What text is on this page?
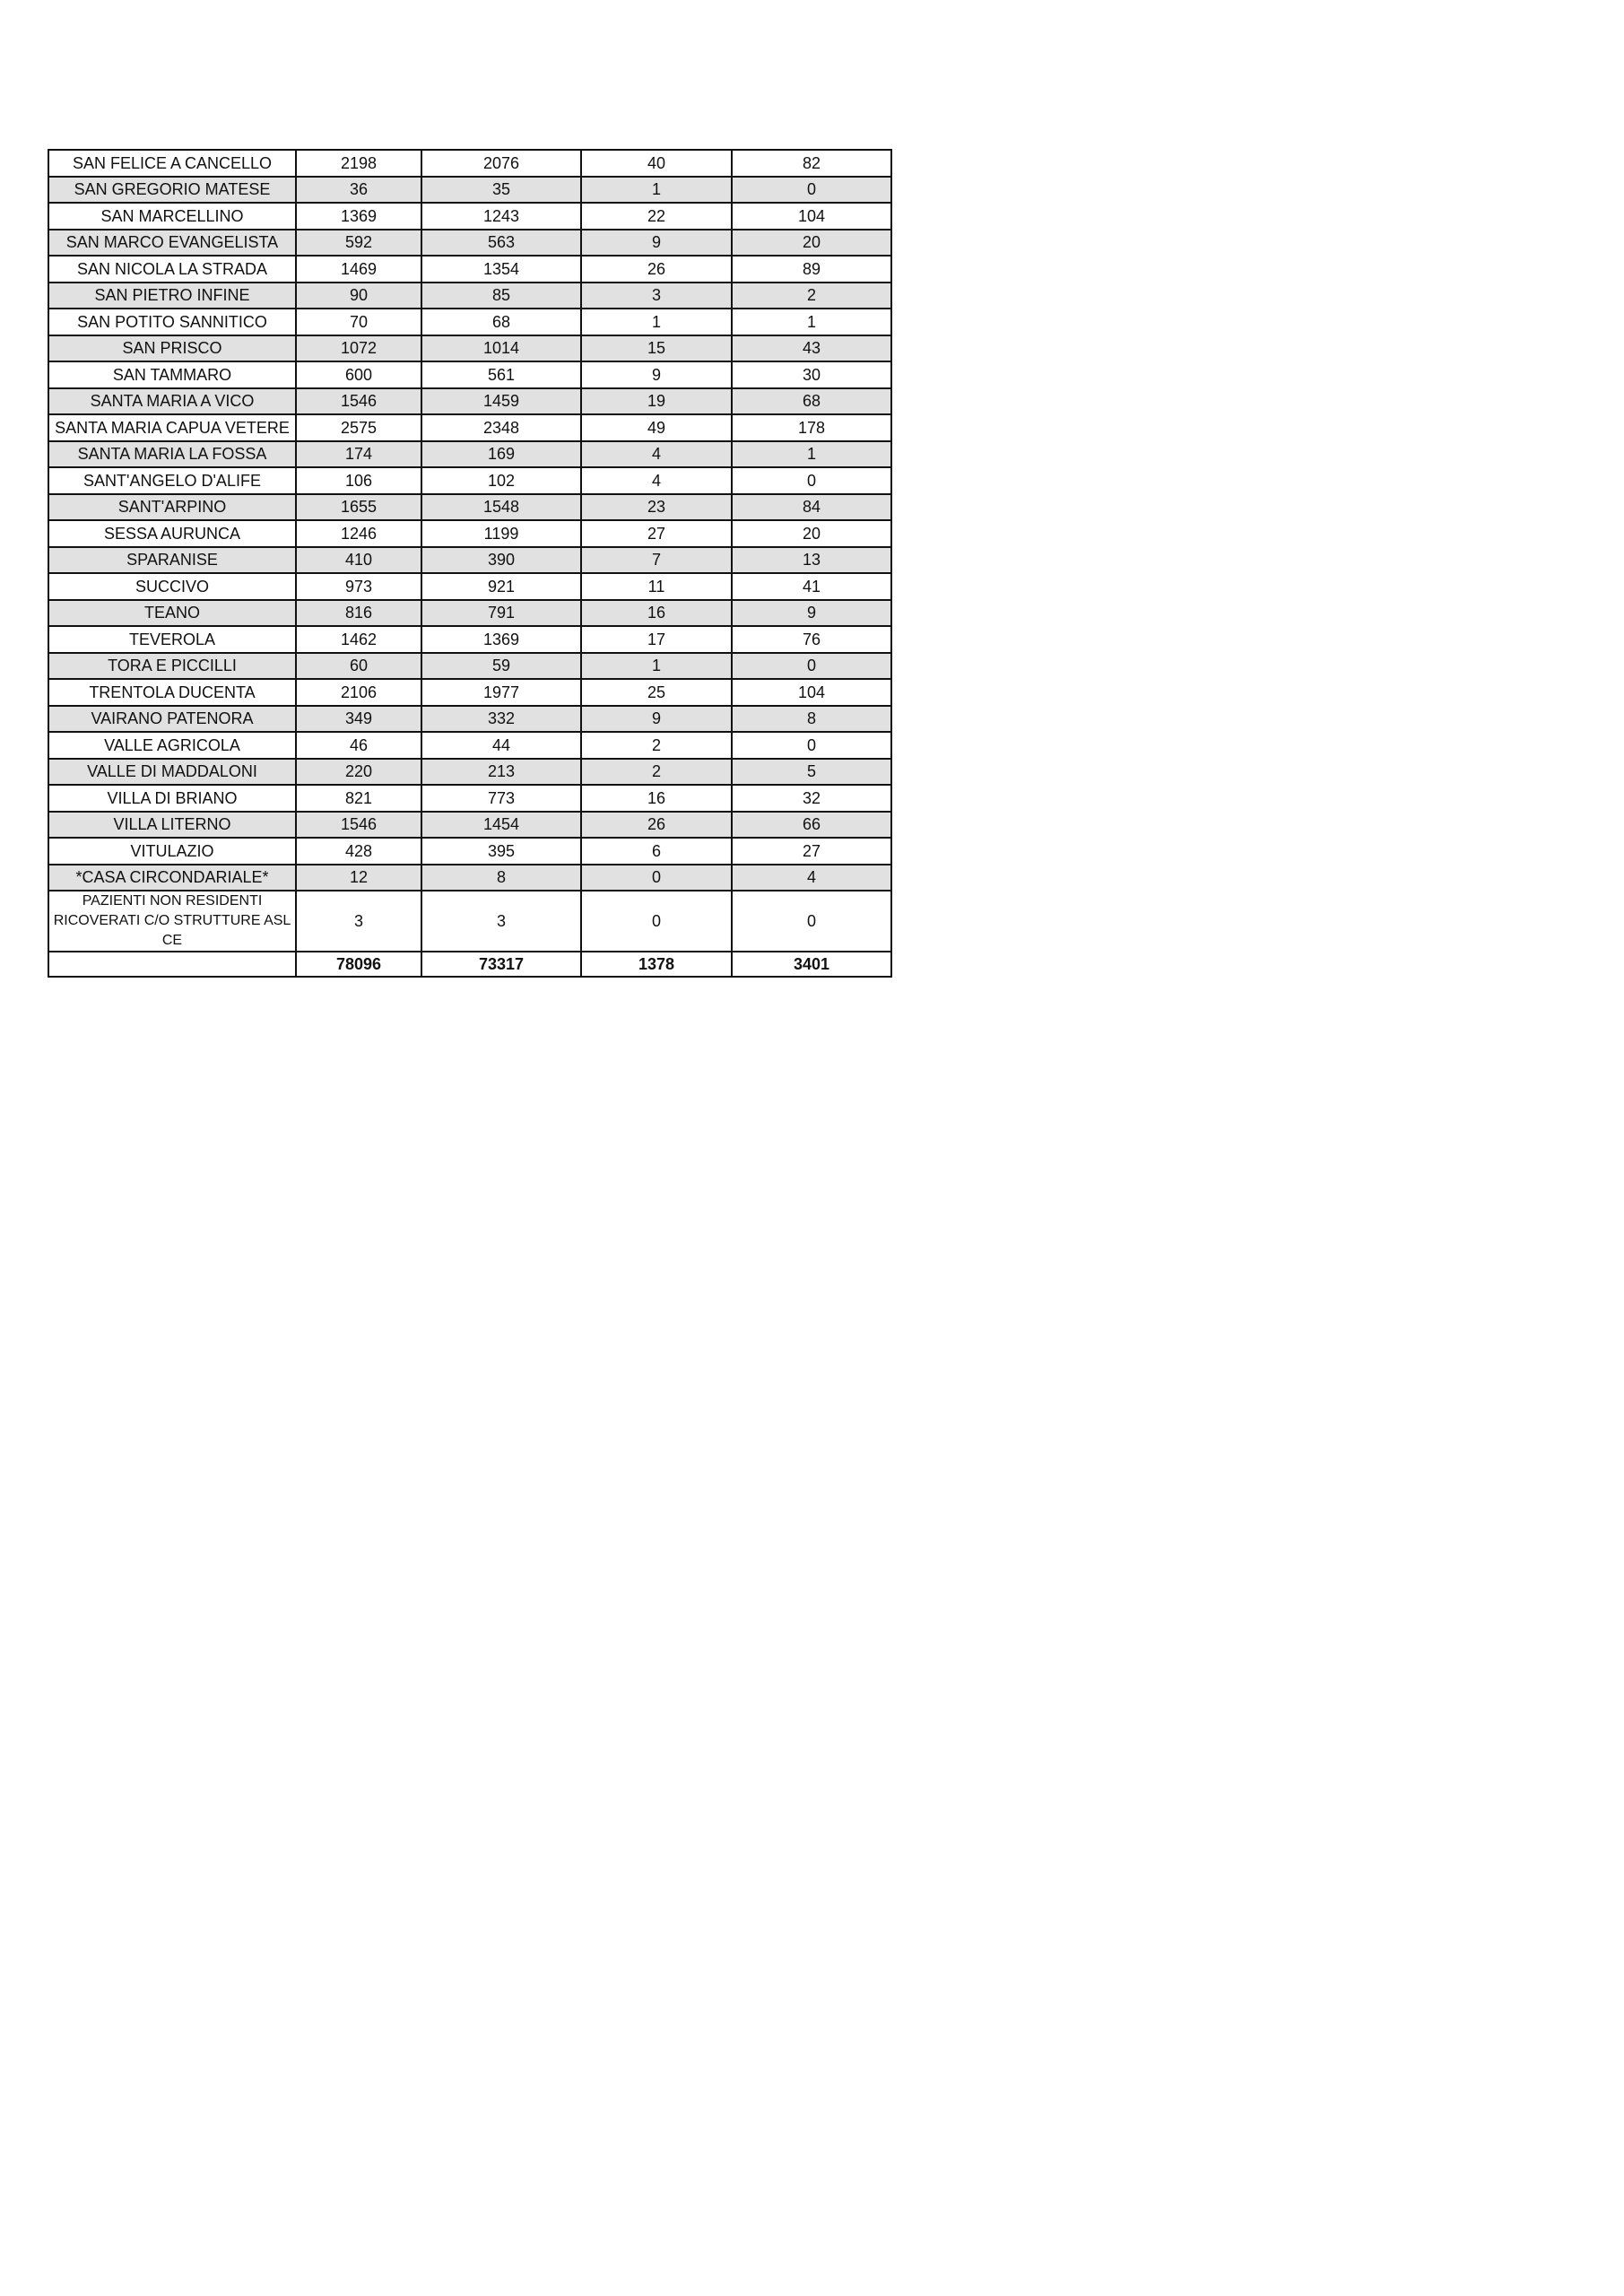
SAN FELICE A CANCELLO	2198	2076	40	82
SAN GREGORIO MATESE	36	35	1	0
SAN MARCELLINO	1369	1243	22	104
SAN MARCO EVANGELISTA	592	563	9	20
SAN NICOLA LA STRADA	1469	1354	26	89
SAN PIETRO INFINE	90	85	3	2
SAN POTITO SANNITICO	70	68	1	1
SAN PRISCO	1072	1014	15	43
SAN TAMMARO	600	561	9	30
SANTA MARIA A VICO	1546	1459	19	68
SANTA MARIA CAPUA VETERE	2575	2348	49	178
SANTA MARIA LA FOSSA	174	169	4	1
SANT'ANGELO D'ALIFE	106	102	4	0
SANT'ARPINO	1655	1548	23	84
SESSA AURUNCA	1246	1199	27	20
SPARANISE	410	390	7	13
SUCCIVO	973	921	11	41
TEANO	816	791	16	9
TEVEROLA	1462	1369	17	76
TORA E PICCILLI	60	59	1	0
TRENTOLA DUCENTA	2106	1977	25	104
VAIRANO PATENORA	349	332	9	8
VALLE AGRICOLA	46	44	2	0
VALLE DI MADDALONI	220	213	2	5
VILLA DI BRIANO	821	773	16	32
VILLA LITERNO	1546	1454	26	66
VITULAZIO	428	395	6	27
*CASA CIRCONDARIALE*	12	8	0	4
PAZIENTI NON RESIDENTI RICOVERATI C/O STRUTTURE ASL CE	3	3	0	0
	78096	73317	1378	3401
